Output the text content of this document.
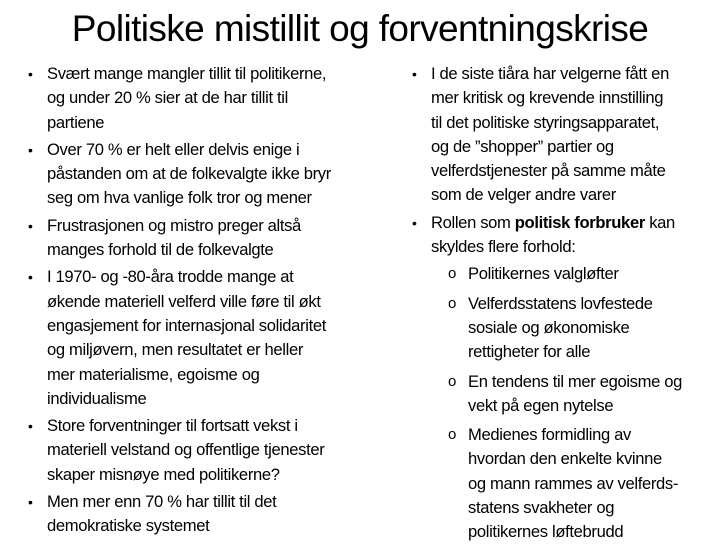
Politiske mistillit og forventningskrise
• Svært mange mangler tillit til politikerne,
og under 20 % sier at de har tillit til
partiene
• Over 70 % er helt eller delvis enige i
påstanden om at de folkevalgte ikke bryr
seg om hva vanlige folk tror og mener
• Frustrasjonen og mistro preger altså
manges forhold til de folkevalgte
• I 1970- og -80-åra trodde mange at
økende materiell velferd ville føre til økt
engasjement for internasjonal solidaritet
og miljøvern, men resultatet er heller
mer materialisme, egoisme og
individualisme
• Store forventninger til fortsatt vekst i
materiell velstand og offentlige tjenester
skaper misnøye med politikerne?
• Men mer enn 70 % har tillit til det
demokratiske systemet
• I de siste tiåra har velgerne fått en
mer kritisk og krevende innstilling
til det politiske styringsapparatet,
og de ”shopper” partier og
velferdstjenester på samme måte
som de velger andre varer
• Rollen som politisk forbruker kan
skyldes flere forhold:
o Politikernes valgløfter
o Velferdsstatens lovfestede
sosiale og økonomiske
rettigheter for alle
o En tendens til mer egoisme og
vekt på egen nytelse
o Medienes formidling av
hvordan den enkelte kvinne
og mann rammes av velferds-
statens svakheter og
politikernes løftebrudd
